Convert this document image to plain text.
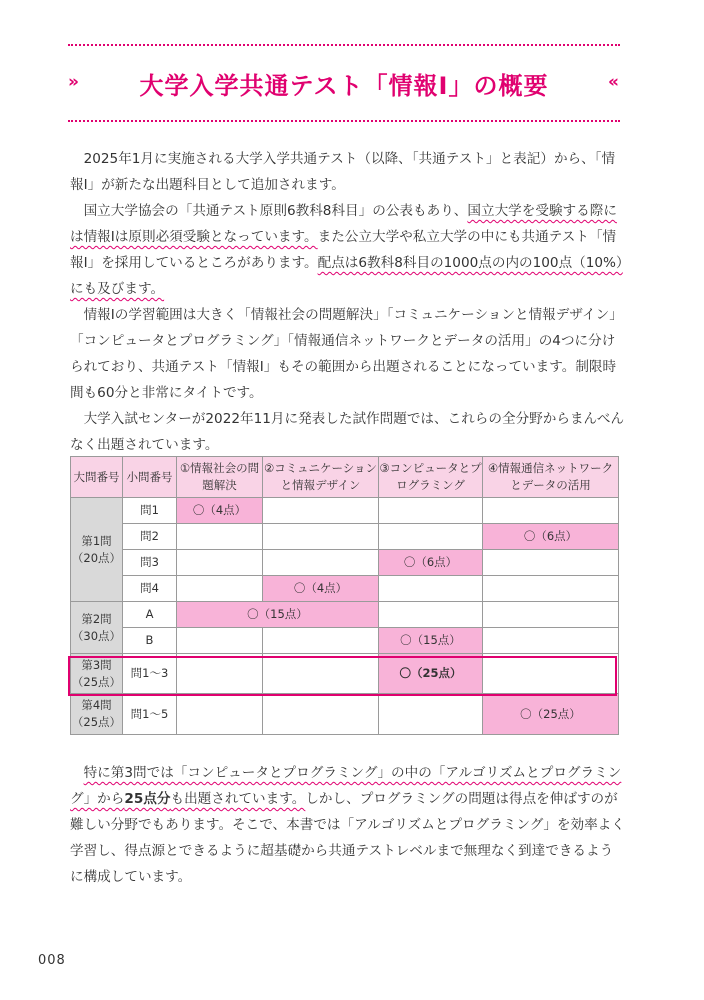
»	大学入学共通テスト「情報Ⅰ」の概要	«

2025年1月に実施される大学入学共通テスト（以降、「共通テスト」と表記）から、「情報Ⅰ」が新たな出題科目として追加されます。

国立大学協会の「共通テスト原則6教科8科目」の公表もあり、国立大学を受験する際には情報Ⅰは原則必須受験となっています。また公立大学や私立大学の中にも共通テスト「情報Ⅰ」を採用しているところがあります。配点は6教科8科目の1000点の内の100点（10%）にも及びます。

情報Ⅰの学習範囲は大きく「情報社会の問題解決」「コミュニケーションと情報デザイン」「コンピュータとプログラミング」「情報通信ネットワークとデータの活用」の4つに分けられており、共通テスト「情報Ⅰ」もその範囲から出題されることになっています。制限時間も60分と非常にタイトです。

大学入試センターが2022年11月に発表した試作問題では、これらの全分野からまんべんなく出題されています。

大問番号	小問番号	①情報社会の問題解決	②コミュニケーションと情報デザイン	③コンピュータとプログラミング	④情報通信ネットワークとデータの活用
第1問（20点）	問1	〇（4点）			
	問2				〇（6点）
	問3			〇（6点）	
	問4		〇（4点）		
第2問（30点）	A	〇（15点）			
	B			〇（15点）	
第3問（25点）	問1～3			〇（25点）	
第4問（25点）	問1～5				〇（25点）

特に第3問では「コンピュータとプログラミング」の中の「アルゴリズムとプログラミング」から25点分も出題されています。しかし、プログラミングの問題は得点を伸ばすのが難しい分野でもあります。そこで、本書では「アルゴリズムとプログラミング」を効率よく学習し、得点源とできるように超基礎から共通テストレベルまで無理なく到達できるように構成しています。

008
